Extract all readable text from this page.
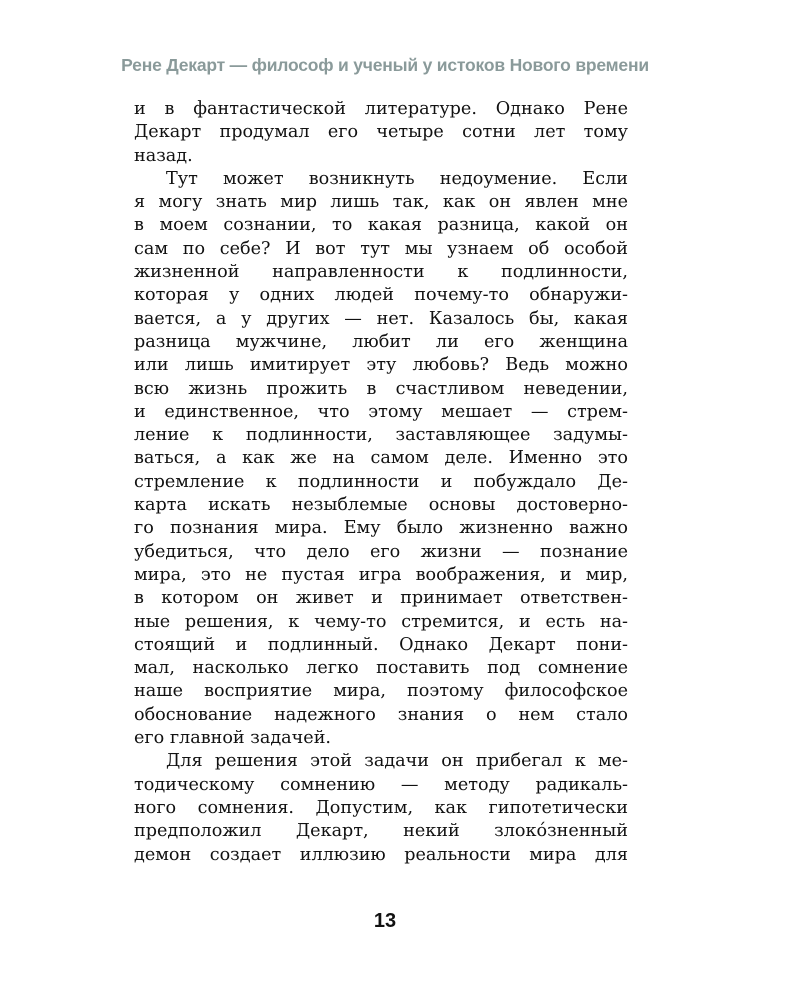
Рене Декарт — философ и ученый у истоков Нового времени
и в фантастической литературе. Однако Рене
Декарт продумал его четыре сотни лет тому
назад.
Тут может возникнуть недоумение. Если
я могу знать мир лишь так, как он явлен мне
в моем сознании, то какая разница, какой он
сам по себе? И вот тут мы узнаем об особой
жизненной направленности к подлинности,
которая у одних людей почему-то обнаружи-
вается, а у других — нет. Казалось бы, какая
разница мужчине, любит ли его женщина
или лишь имитирует эту любовь? Ведь можно
всю жизнь прожить в счастливом неведении,
и единственное, что этому мешает — стрем-
ление к подлинности, заставляющее задумы-
ваться, а как же на самом деле. Именно это
стремление к подлинности и побуждало Де-
карта искать незыблемые основы достоверно-
го познания мира. Ему было жизненно важно
убедиться, что дело его жизни — познание
мира, это не пустая игра воображения, и мир,
в котором он живет и принимает ответствен-
ные решения, к чему-то стремится, и есть на-
стоящий и подлинный. Однако Декарт пони-
мал, насколько легко поставить под сомнение
наше восприятие мира, поэтому философское
обоснование надежного знания о нем стало
его главной задачей.
Для решения этой задачи он прибегал к ме-
тодическому сомнению — методу радикаль-
ного сомнения. Допустим, как гипотетически
предположил Декарт, некий злокóзненный
демон создает иллюзию реальности мира для
13
